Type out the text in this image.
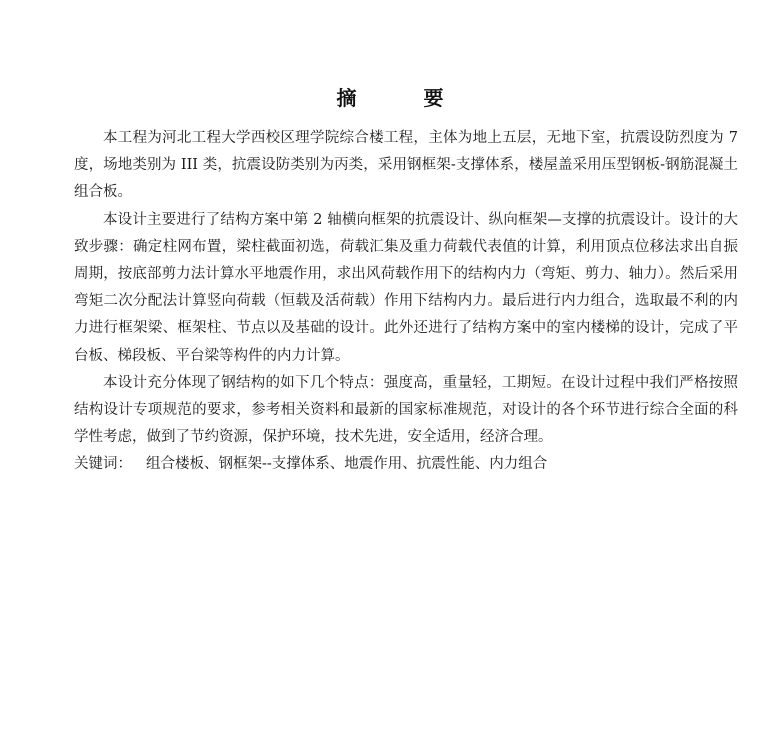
摘 要

本工程为河北工程大学西校区理学院综合楼工程，主体为地上五层，无地下室，抗震设防烈度为 7 度，场地类别为 III 类，抗震设防类别为丙类，采用钢框架-支撑体系，楼屋盖采用压型钢板-钢筋混凝土组合板。

本设计主要进行了结构方案中第 2 轴横向框架的抗震设计、纵向框架—支撑的抗震设计。设计的大致步骤：确定柱网布置，梁柱截面初选，荷载汇集及重力荷载代表值的计算，利用顶点位移法求出自振周期，按底部剪力法计算水平地震作用，求出风荷载作用下的结构内力（弯矩、剪力、轴力）。然后采用弯矩二次分配法计算竖向荷载（恒载及活荷载）作用下结构内力。最后进行内力组合，选取最不利的内力进行框架梁、框架柱、节点以及基础的设计。此外还进行了结构方案中的室内楼梯的设计，完成了平台板、梯段板、平台梁等构件的内力计算。

本设计充分体现了钢结构的如下几个特点：强度高，重量轻，工期短。在设计过程中我们严格按照结构设计专项规范的要求，参考相关资料和最新的国家标准规范，对设计的各个环节进行综合全面的科学性考虑，做到了节约资源，保护环境，技术先进，安全适用，经济合理。

关键词： 组合楼板、钢框架--支撑体系、地震作用、抗震性能、内力组合
